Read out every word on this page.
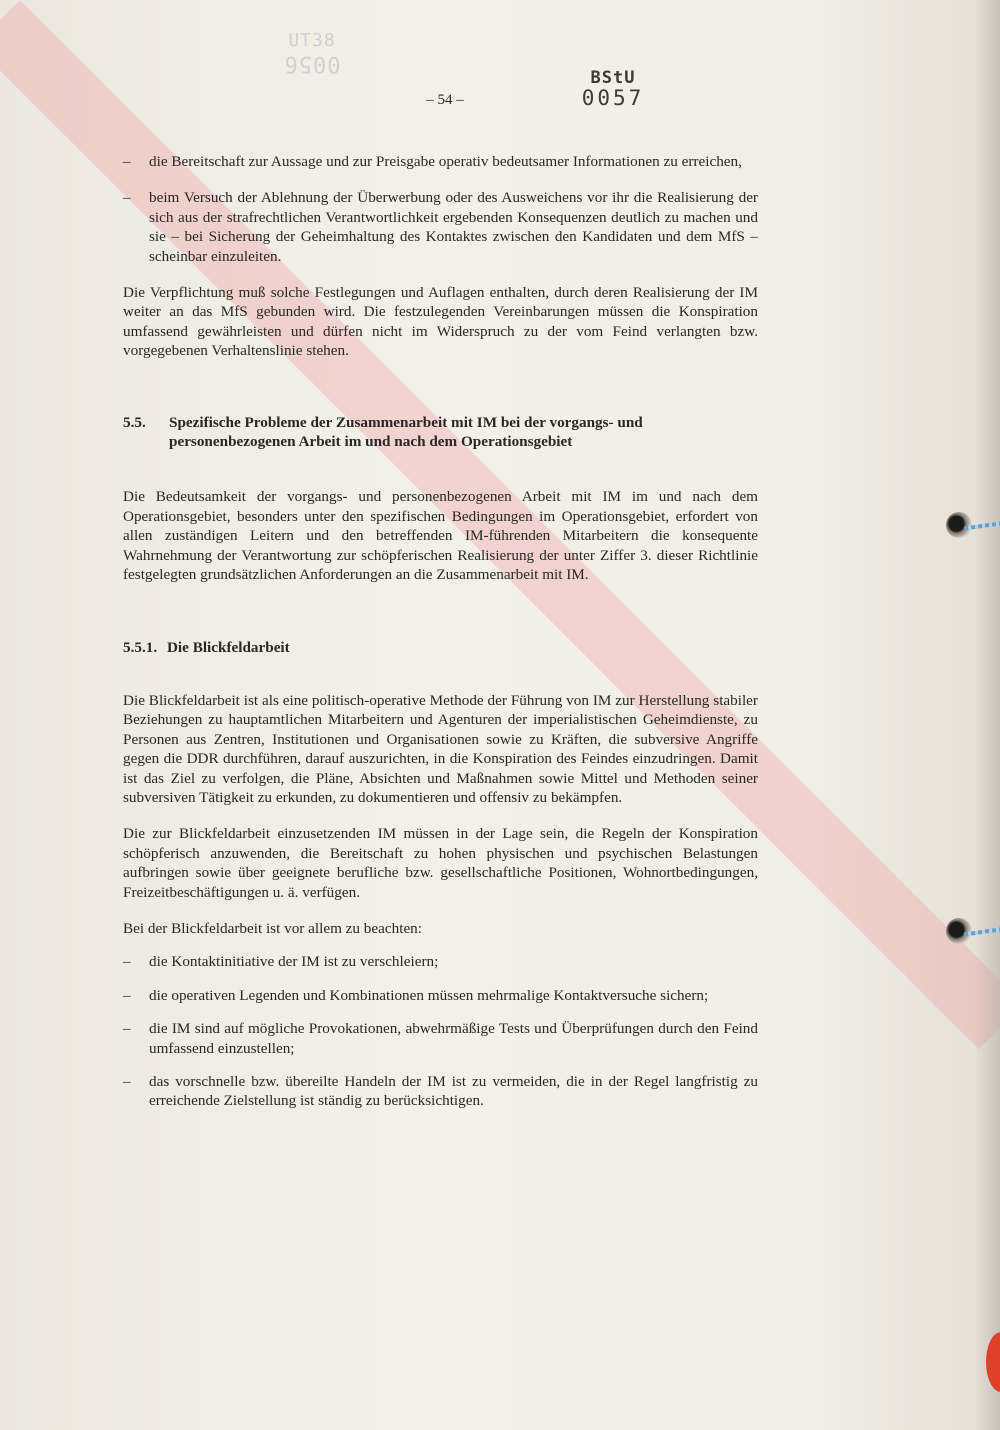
UT38
0056
– 54 –
BStU
0057
– die Bereitschaft zur Aussage und zur Preisgabe operativ bedeutsamer Informationen zu erreichen,

– beim Versuch der Ablehnung der Überwerbung oder des Ausweichens vor ihr die Realisierung der sich aus der strafrechtlichen Verantwortlichkeit ergebenden Konsequenzen deutlich zu machen und sie – bei Sicherung der Geheimhaltung des Kontaktes zwischen den Kandidaten und dem MfS – scheinbar einzuleiten.

Die Verpflichtung muß solche Festlegungen und Auflagen enthalten, durch deren Realisierung der IM weiter an das MfS gebunden wird. Die festzulegenden Vereinbarungen müssen die Konspiration umfassend gewährleisten und dürfen nicht im Widerspruch zu der vom Feind verlangten bzw. vorgegebenen Verhaltenslinie stehen.

5.5. Spezifische Probleme der Zusammenarbeit mit IM bei der vorgangs- und personenbezogenen Arbeit im und nach dem Operationsgebiet

Die Bedeutsamkeit der vorgangs- und personenbezogenen Arbeit mit IM im und nach dem Operationsgebiet, besonders unter den spezifischen Bedingungen im Operationsgebiet, erfordert von allen zuständigen Leitern und den betreffenden IM-führenden Mitarbeitern die konsequente Wahrnehmung der Verantwortung zur schöpferischen Realisierung der unter Ziffer 3. dieser Richtlinie festgelegten grundsätzlichen Anforderungen an die Zusammenarbeit mit IM.

5.5.1. Die Blickfeldarbeit

Die Blickfeldarbeit ist als eine politisch-operative Methode der Führung von IM zur Herstellung stabiler Beziehungen zu hauptamtlichen Mitarbeitern und Agenturen der imperialistischen Geheimdienste, zu Personen aus Zentren, Institutionen und Organisationen sowie zu Kräften, die subversive Angriffe gegen die DDR durchführen, darauf auszurichten, in die Konspiration des Feindes einzudringen. Damit ist das Ziel zu verfolgen, die Pläne, Absichten und Maßnahmen sowie Mittel und Methoden seiner subversiven Tätigkeit zu erkunden, zu dokumentieren und offensiv zu bekämpfen.

Die zur Blickfeldarbeit einzusetzenden IM müssen in der Lage sein, die Regeln der Konspiration schöpferisch anzuwenden, die Bereitschaft zu hohen physischen und psychischen Belastungen aufbringen sowie über geeignete berufliche bzw. gesellschaftliche Positionen, Wohnortbedingungen, Freizeitbeschäftigungen u. ä. verfügen.

Bei der Blickfeldarbeit ist vor allem zu beachten:

– die Kontaktinitiative der IM ist zu verschleiern;

– die operativen Legenden und Kombinationen müssen mehrmalige Kontaktversuche sichern;

– die IM sind auf mögliche Provokationen, abwehrmäßige Tests und Überprüfungen durch den Feind umfassend einzustellen;

– das vorschnelle bzw. übereilte Handeln der IM ist zu vermeiden, die in der Regel langfristig zu erreichende Zielstellung ist ständig zu berücksichtigen.
